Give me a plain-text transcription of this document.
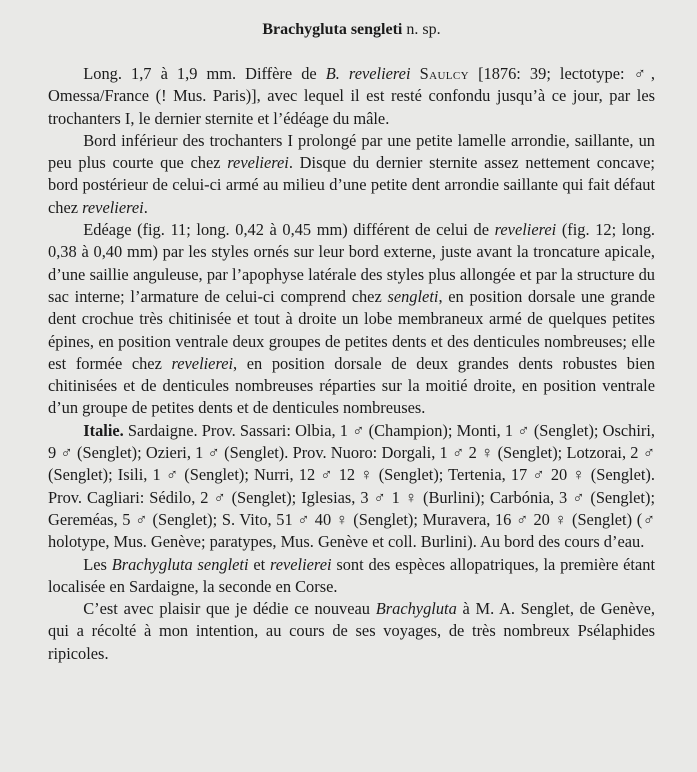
Brachygluta sengleti n. sp.

Long. 1,7 à 1,9 mm. Diffère de B. revelierei Saulcy [1876: 39; lectotype: ♂, Omessa/France (! Mus. Paris)], avec lequel il est resté confondu jusqu’à ce jour, par les trochanters I, le dernier sternite et l’édéage du mâle.

Bord inférieur des trochanters I prolongé par une petite lamelle arrondie, saillante, un peu plus courte que chez revelierei. Disque du dernier sternite assez nettement concave; bord postérieur de celui-ci armé au milieu d’une petite dent arrondie saillante qui fait défaut chez revelierei.

Edéage (fig. 11; long. 0,42 à 0,45 mm) différent de celui de revelierei (fig. 12; long. 0,38 à 0,40 mm) par les styles ornés sur leur bord externe, juste avant la troncature apicale, d’une saillie anguleuse, par l’apophyse latérale des styles plus allongée et par la structure du sac interne; l’armature de celui-ci comprend chez sengleti, en position dorsale une grande dent crochue très chitinisée et tout à droite un lobe membraneux armé de quelques petites épines, en position ventrale deux groupes de petites dents et des denticules nombreuses; elle est formée chez revelierei, en position dorsale de deux grandes dents robustes bien chitinisées et de denticules nombreuses réparties sur la moitié droite, en position ventrale d’un groupe de petites dents et de denticules nombreuses.

Italie. Sardaigne. Prov. Sassari: Olbia, 1 ♂ (Champion); Monti, 1 ♂ (Senglet); Oschiri, 9 ♂ (Senglet); Ozieri, 1 ♂ (Senglet). Prov. Nuoro: Dorgali, 1 ♂ 2 ♀ (Senglet); Lotzorai, 2 ♂ (Senglet); Isili, 1 ♂ (Senglet); Nurri, 12 ♂ 12 ♀ (Senglet); Tertenia, 17 ♂ 20 ♀ (Senglet). Prov. Cagliari: Sédilo, 2 ♂ (Senglet); Iglesias, 3 ♂ 1 ♀ (Burlini); Carbónia, 3 ♂ (Senglet); Gereméas, 5 ♂ (Senglet); S. Vito, 51 ♂ 40 ♀ (Senglet); Muravera, 16 ♂ 20 ♀ (Senglet) (♂ holotype, Mus. Genève; paratypes, Mus. Genève et coll. Burlini). Au bord des cours d’eau.

Les Brachygluta sengleti et revelierei sont des espèces allopatriques, la première étant localisée en Sardaigne, la seconde en Corse.

C’est avec plaisir que je dédie ce nouveau Brachygluta à M. A. Senglet, de Genève, qui a récolté à mon intention, au cours de ses voyages, de très nombreux Psélaphides ripicoles.
